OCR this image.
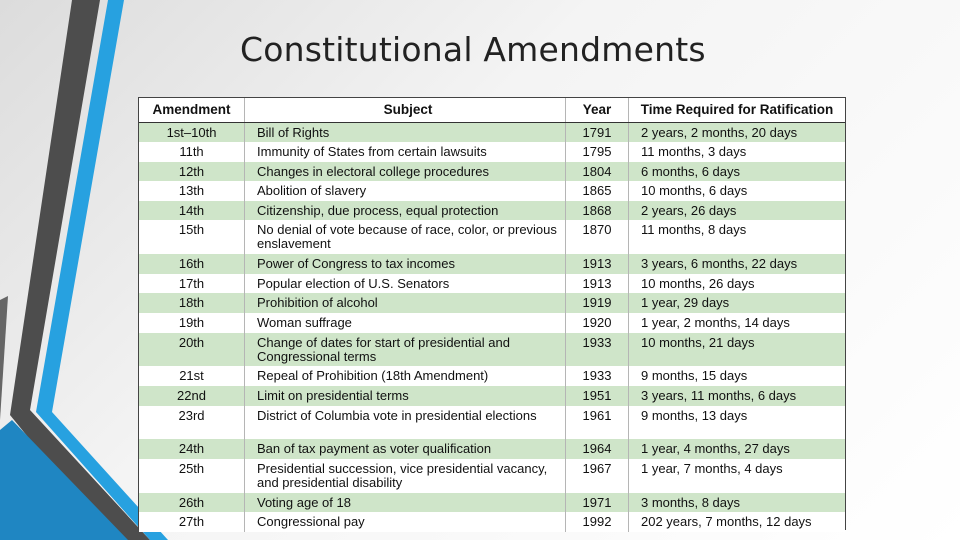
Constitutional Amendments
Amendment	Subject	Year	Time Required for Ratification
1st–10th	Bill of Rights	1791	2 years, 2 months, 20 days
11th	Immunity of States from certain lawsuits	1795	11 months, 3 days
12th	Changes in electoral college procedures	1804	6 months, 6 days
13th	Abolition of slavery	1865	10 months, 6 days
14th	Citizenship, due process, equal protection	1868	2 years, 26 days
15th	No denial of vote because of race, color, or previous enslavement	1870	11 months, 8 days
16th	Power of Congress to tax incomes	1913	3 years, 6 months, 22 days
17th	Popular election of U.S. Senators	1913	10 months, 26 days
18th	Prohibition of alcohol	1919	1 year, 29 days
19th	Woman suffrage	1920	1 year, 2 months, 14 days
20th	Change of dates for start of presidential and Congressional terms	1933	10 months, 21 days
21st	Repeal of Prohibition (18th Amendment)	1933	9 months, 15 days
22nd	Limit on presidential terms	1951	3 years, 11 months, 6 days
23rd	District of Columbia vote in presidential elections	1961	9 months, 13 days
24th	Ban of tax payment as voter qualification	1964	1 year, 4 months, 27 days
25th	Presidential succession, vice presidential vacancy, and presidential disability	1967	1 year, 7 months, 4 days
26th	Voting age of 18	1971	3 months, 8 days
27th	Congressional pay	1992	202 years, 7 months, 12 days
